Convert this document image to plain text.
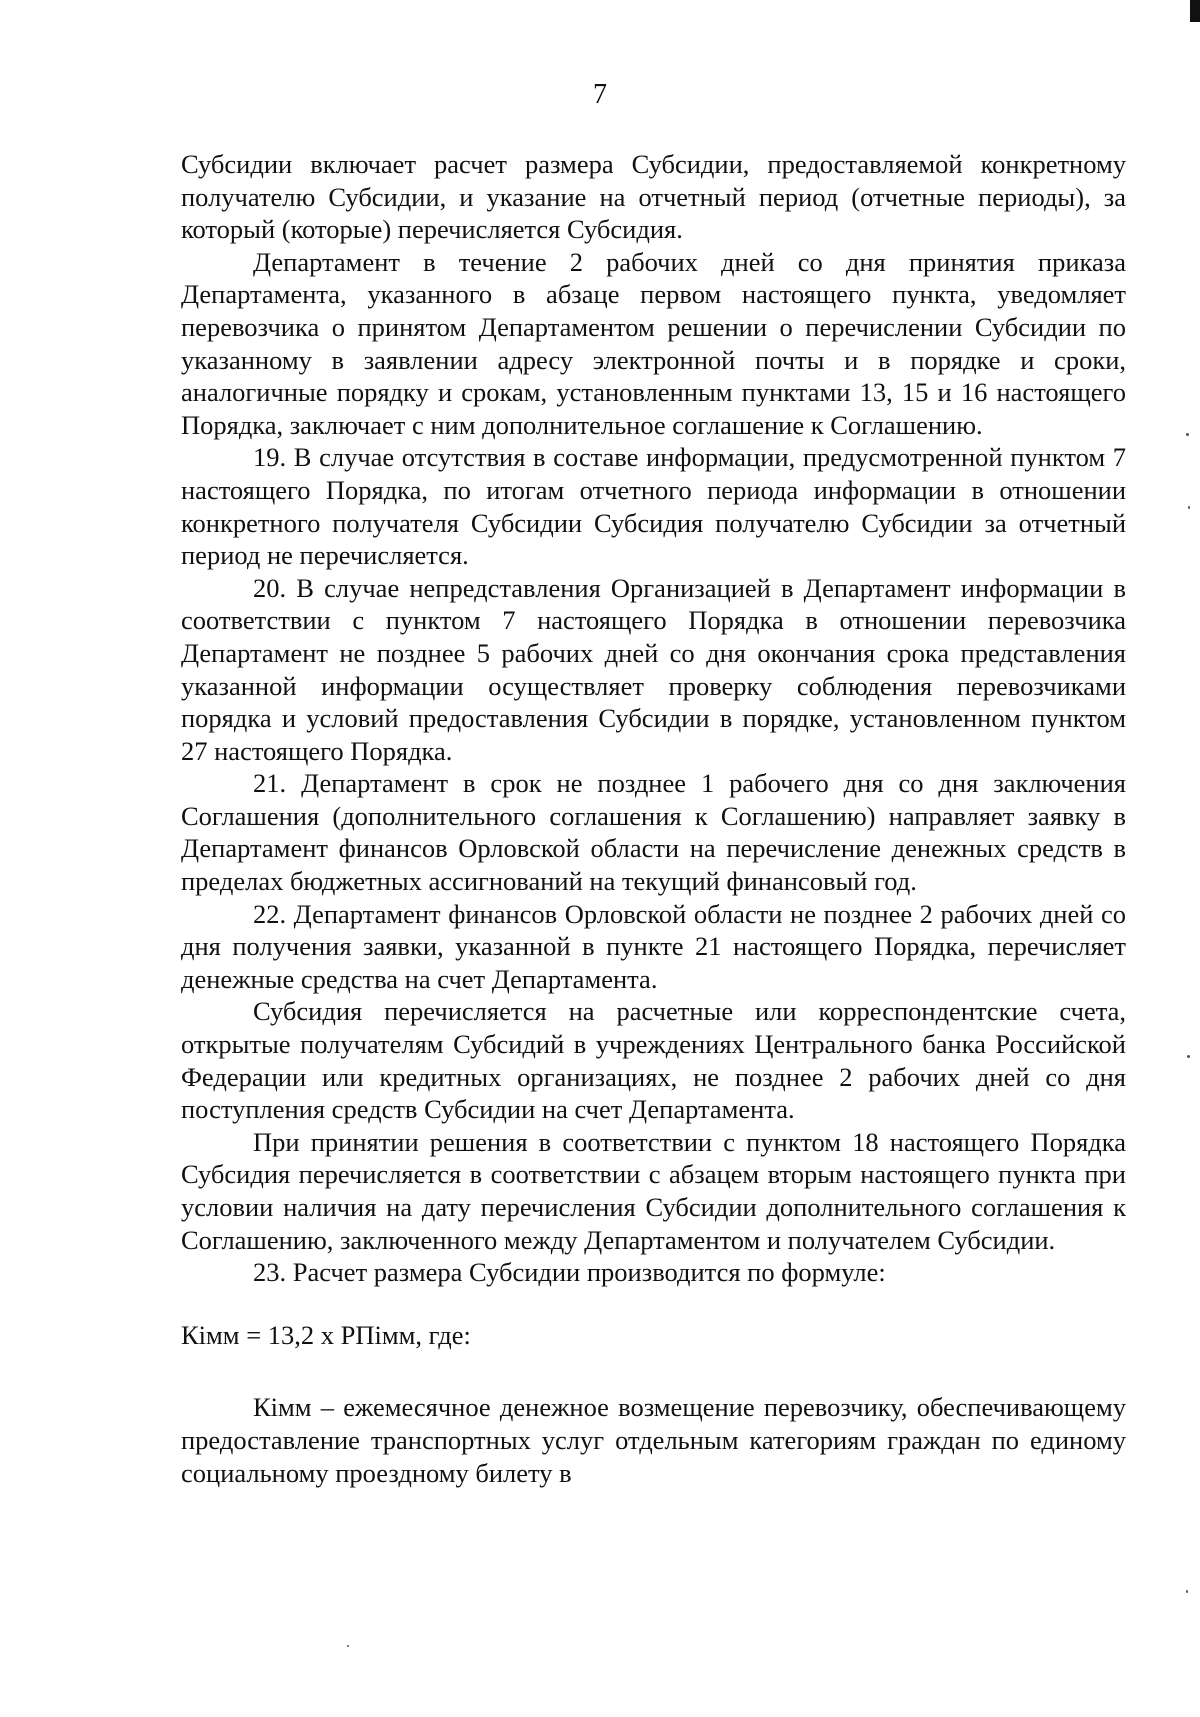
7

Субсидии включает расчет размера Субсидии, предоставляемой конкретному получателю Субсидии, и указание на отчетный период (отчетные периоды), за который (которые) перечисляется Субсидия.

Департамент в течение 2 рабочих дней со дня принятия приказа Департамента, указанного в абзаце первом настоящего пункта, уведомляет перевозчика о принятом Департаментом решении о перечислении Субсидии по указанному в заявлении адресу электронной почты и в порядке и сроки, аналогичные порядку и срокам, установленным пунктами 13, 15 и 16 настоящего Порядка, заключает с ним дополнительное соглашение к Соглашению.

19. В случае отсутствия в составе информации, предусмотренной пунктом 7 настоящего Порядка, по итогам отчетного периода информации в отношении конкретного получателя Субсидии Субсидия получателю Субсидии за отчетный период не перечисляется.

20. В случае непредставления Организацией в Департамент информации в соответствии с пунктом 7 настоящего Порядка в отношении перевозчика Департамент не позднее 5 рабочих дней со дня окончания срока представления указанной информации осуществляет проверку соблюдения перевозчиками порядка и условий предоставления Субсидии в порядке, установленном пунктом 27 настоящего Порядка.

21. Департамент в срок не позднее 1 рабочего дня со дня заключения Соглашения (дополнительного соглашения к Соглашению) направляет заявку в Департамент финансов Орловской области на перечисление денежных средств в пределах бюджетных ассигнований на текущий финансовый год.

22. Департамент финансов Орловской области не позднее 2 рабочих дней со дня получения заявки, указанной в пункте 21 настоящего Порядка, перечисляет денежные средства на счет Департамента.

Субсидия перечисляется на расчетные или корреспондентские счета, открытые получателям Субсидий в учреждениях Центрального банка Российской Федерации или кредитных организациях, не позднее 2 рабочих дней со дня поступления средств Субсидии на счет Департамента.

При принятии решения в соответствии с пунктом 18 настоящего Порядка Субсидия перечисляется в соответствии с абзацем вторым настоящего пункта при условии наличия на дату перечисления Субсидии дополнительного соглашения к Соглашению, заключенного между Департаментом и получателем Субсидии.

23. Расчет размера Субсидии производится по формуле:

Кімм = 13,2 х РПімм, где:

Кімм – ежемесячное денежное возмещение перевозчику, обеспечивающему предоставление транспортных услуг отдельным категориям граждан по единому социальному проездному билету в
